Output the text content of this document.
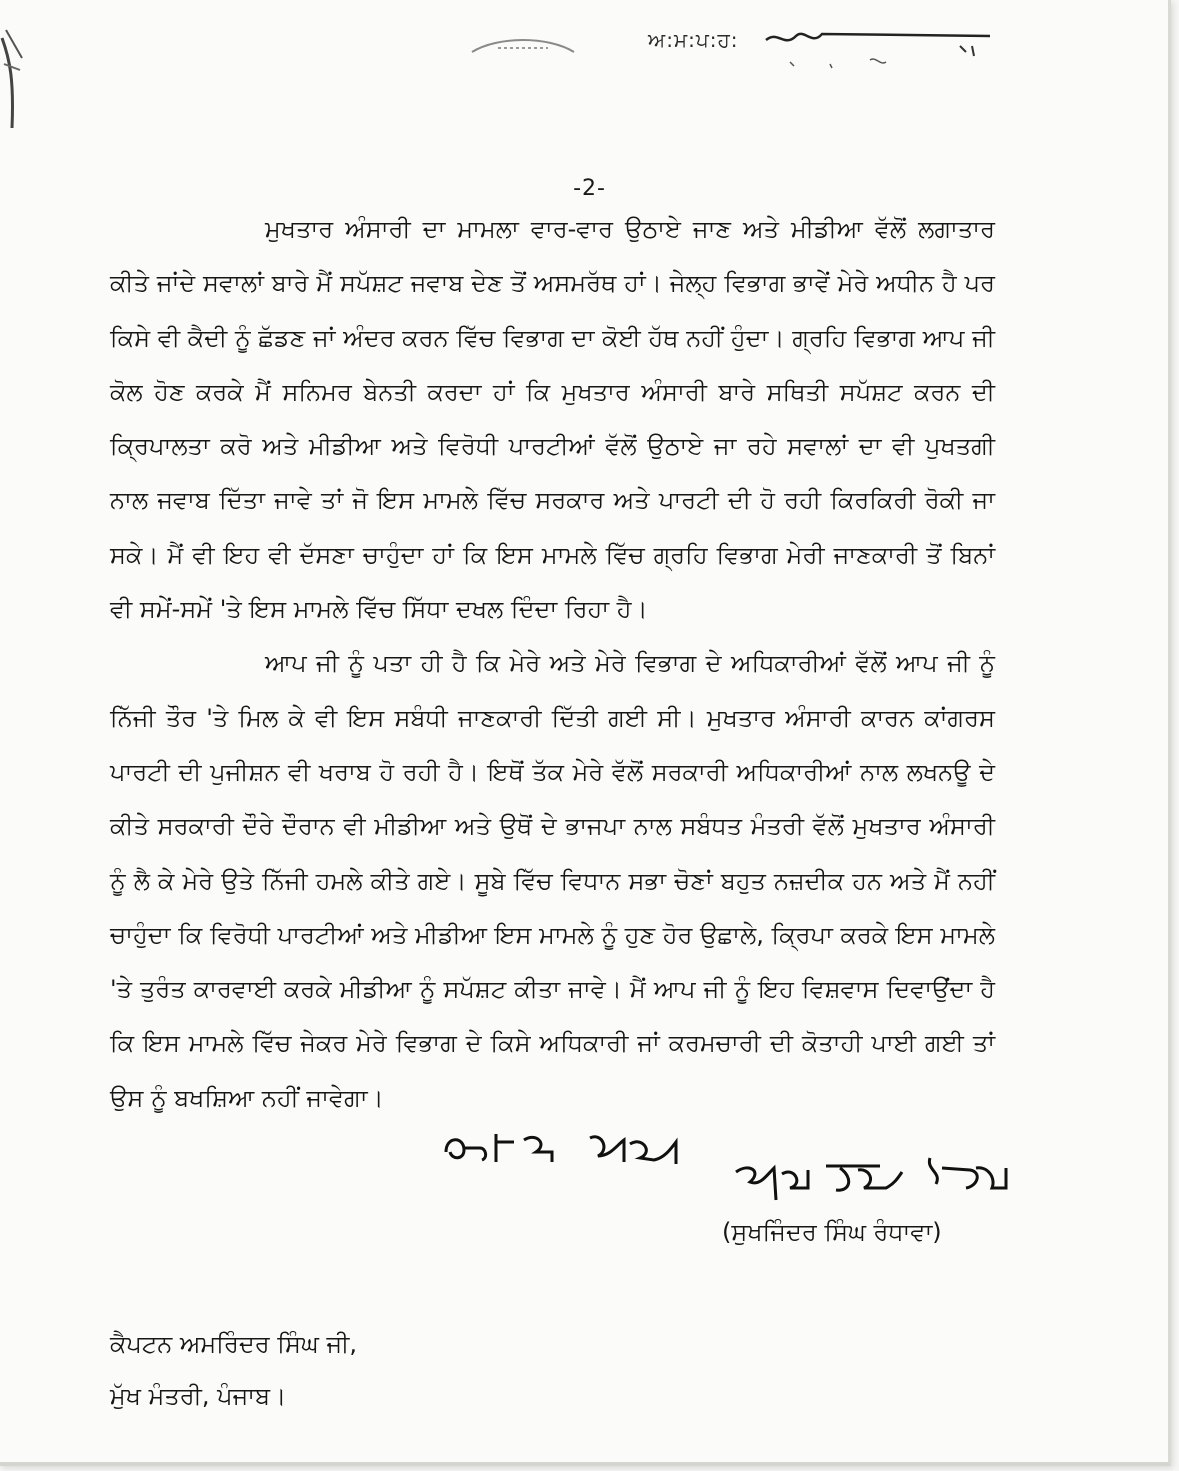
ਅ:ਮ:ਪ:ਹ:
-2-

ਮੁਖਤਾਰ ਅੰਸਾਰੀ ਦਾ ਮਾਮਲਾ ਵਾਰ-ਵਾਰ ਉਠਾਏ ਜਾਣ ਅਤੇ ਮੀਡੀਆ ਵੱਲੋਂ ਲਗਾਤਾਰ ਕੀਤੇ ਜਾਂਦੇ ਸਵਾਲਾਂ ਬਾਰੇ ਮੈਂ ਸਪੱਸ਼ਟ ਜਵਾਬ ਦੇਣ ਤੋਂ ਅਸਮਰੱਥ ਹਾਂ। ਜੇਲ੍ਹ ਵਿਭਾਗ ਭਾਵੇਂ ਮੇਰੇ ਅਧੀਨ ਹੈ ਪਰ ਕਿਸੇ ਵੀ ਕੈਦੀ ਨੂੰ ਛੱਡਣ ਜਾਂ ਅੰਦਰ ਕਰਨ ਵਿੱਚ ਵਿਭਾਗ ਦਾ ਕੋਈ ਹੱਥ ਨਹੀਂ ਹੁੰਦਾ। ਗ੍ਰਹਿ ਵਿਭਾਗ ਆਪ ਜੀ ਕੋਲ ਹੋਣ ਕਰਕੇ ਮੈਂ ਸਨਿਮਰ ਬੇਨਤੀ ਕਰਦਾ ਹਾਂ ਕਿ ਮੁਖਤਾਰ ਅੰਸਾਰੀ ਬਾਰੇ ਸਥਿਤੀ ਸਪੱਸ਼ਟ ਕਰਨ ਦੀ ਕ੍ਰਿਪਾਲਤਾ ਕਰੋ ਅਤੇ ਮੀਡੀਆ ਅਤੇ ਵਿਰੋਧੀ ਪਾਰਟੀਆਂ ਵੱਲੋਂ ਉਠਾਏ ਜਾ ਰਹੇ ਸਵਾਲਾਂ ਦਾ ਵੀ ਪੁਖਤਗੀ ਨਾਲ ਜਵਾਬ ਦਿੱਤਾ ਜਾਵੇ ਤਾਂ ਜੋ ਇਸ ਮਾਮਲੇ ਵਿੱਚ ਸਰਕਾਰ ਅਤੇ ਪਾਰਟੀ ਦੀ ਹੋ ਰਹੀ ਕਿਰਕਿਰੀ ਰੋਕੀ ਜਾ ਸਕੇ। ਮੈਂ ਵੀ ਇਹ ਵੀ ਦੱਸਣਾ ਚਾਹੁੰਦਾ ਹਾਂ ਕਿ ਇਸ ਮਾਮਲੇ ਵਿੱਚ ਗ੍ਰਹਿ ਵਿਭਾਗ ਮੇਰੀ ਜਾਣਕਾਰੀ ਤੋਂ ਬਿਨਾਂ ਵੀ ਸਮੇਂ-ਸਮੇਂ 'ਤੇ ਇਸ ਮਾਮਲੇ ਵਿੱਚ ਸਿੱਧਾ ਦਖਲ ਦਿੰਦਾ ਰਿਹਾ ਹੈ।

ਆਪ ਜੀ ਨੂੰ ਪਤਾ ਹੀ ਹੈ ਕਿ ਮੇਰੇ ਅਤੇ ਮੇਰੇ ਵਿਭਾਗ ਦੇ ਅਧਿਕਾਰੀਆਂ ਵੱਲੋਂ ਆਪ ਜੀ ਨੂੰ ਨਿੱਜੀ ਤੌਰ 'ਤੇ ਮਿਲ ਕੇ ਵੀ ਇਸ ਸਬੰਧੀ ਜਾਣਕਾਰੀ ਦਿੱਤੀ ਗਈ ਸੀ। ਮੁਖਤਾਰ ਅੰਸਾਰੀ ਕਾਰਨ ਕਾਂਗਰਸ ਪਾਰਟੀ ਦੀ ਪੁਜੀਸ਼ਨ ਵੀ ਖਰਾਬ ਹੋ ਰਹੀ ਹੈ। ਇਥੋਂ ਤੱਕ ਮੇਰੇ ਵੱਲੋਂ ਸਰਕਾਰੀ ਅਧਿਕਾਰੀਆਂ ਨਾਲ ਲਖਨਊ ਦੇ ਕੀਤੇ ਸਰਕਾਰੀ ਦੌਰੇ ਦੌਰਾਨ ਵੀ ਮੀਡੀਆ ਅਤੇ ਉਥੋਂ ਦੇ ਭਾਜਪਾ ਨਾਲ ਸਬੰਧਤ ਮੰਤਰੀ ਵੱਲੋਂ ਮੁਖਤਾਰ ਅੰਸਾਰੀ ਨੂੰ ਲੈ ਕੇ ਮੇਰੇ ਉਤੇ ਨਿੱਜੀ ਹਮਲੇ ਕੀਤੇ ਗਏ। ਸੂਬੇ ਵਿੱਚ ਵਿਧਾਨ ਸਭਾ ਚੋਣਾਂ ਬਹੁਤ ਨਜ਼ਦੀਕ ਹਨ ਅਤੇ ਮੈਂ ਨਹੀਂ ਚਾਹੁੰਦਾ ਕਿ ਵਿਰੋਧੀ ਪਾਰਟੀਆਂ ਅਤੇ ਮੀਡੀਆ ਇਸ ਮਾਮਲੇ ਨੂੰ ਹੁਣ ਹੋਰ ਉਛਾਲੇ, ਕ੍ਰਿਪਾ ਕਰਕੇ ਇਸ ਮਾਮਲੇ 'ਤੇ ਤੁਰੰਤ ਕਾਰਵਾਈ ਕਰਕੇ ਮੀਡੀਆ ਨੂੰ ਸਪੱਸ਼ਟ ਕੀਤਾ ਜਾਵੇ। ਮੈਂ ਆਪ ਜੀ ਨੂੰ ਇਹ ਵਿਸ਼ਵਾਸ ਦਿਵਾਉਂਦਾ ਹੈ ਕਿ ਇਸ ਮਾਮਲੇ ਵਿੱਚ ਜੇਕਰ ਮੇਰੇ ਵਿਭਾਗ ਦੇ ਕਿਸੇ ਅਧਿਕਾਰੀ ਜਾਂ ਕਰਮਚਾਰੀ ਦੀ ਕੋਤਾਹੀ ਪਾਈ ਗਈ ਤਾਂ ਉਸ ਨੂੰ ਬਖਸ਼ਿਆ ਨਹੀਂ ਜਾਵੇਗਾ।

(ਸੁਖਜਿੰਦਰ ਸਿੰਘ ਰੰਧਾਵਾ)
ਕੈਪਟਨ ਅਮਰਿੰਦਰ ਸਿੰਘ ਜੀ,
ਮੁੱਖ ਮੰਤਰੀ, ਪੰਜਾਬ।
